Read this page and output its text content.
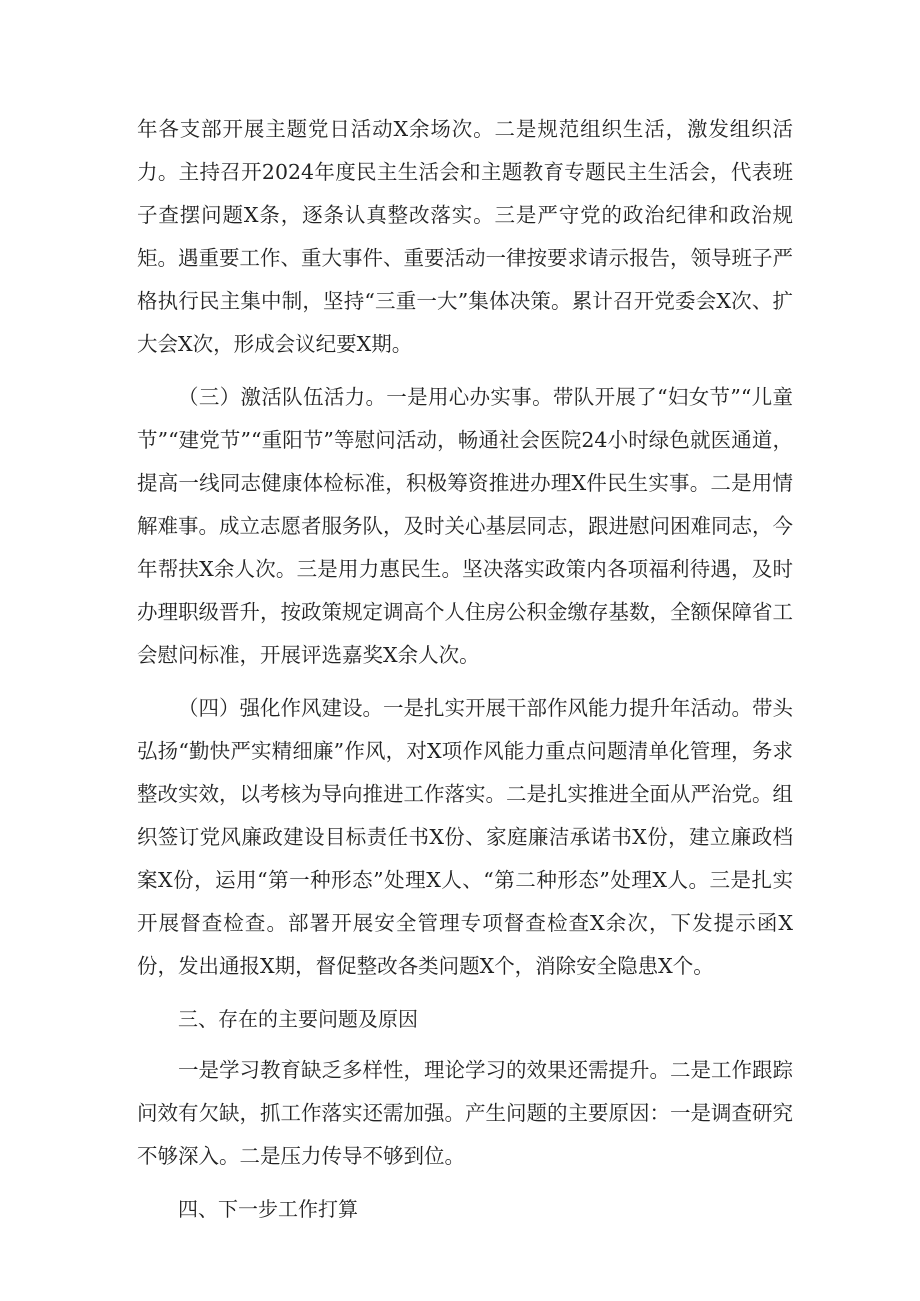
年各支部开展主题党日活动X余场次。二是规范组织生活，激发组织活力。主持召开2024年度民主生活会和主题教育专题民主生活会，代表班子查摆问题X条，逐条认真整改落实。三是严守党的政治纪律和政治规矩。遇重要工作、重大事件、重要活动一律按要求请示报告，领导班子严格执行民主集中制，坚持“三重一大”集体决策。累计召开党委会X次、扩大会X次，形成会议纪要X期。

（三）激活队伍活力。一是用心办实事。带队开展了“妇女节”“儿童节”“建党节”“重阳节”等慰问活动，畅通社会医院24小时绿色就医通道，提高一线同志健康体检标准，积极筹资推进办理X件民生实事。二是用情解难事。成立志愿者服务队，及时关心基层同志，跟进慰问困难同志，今年帮扶X余人次。三是用力惠民生。坚决落实政策内各项福利待遇，及时办理职级晋升，按政策规定调高个人住房公积金缴存基数，全额保障省工会慰问标准，开展评选嘉奖X余人次。

（四）强化作风建设。一是扎实开展干部作风能力提升年活动。带头弘扬“勤快严实精细廉”作风，对X项作风能力重点问题清单化管理，务求整改实效，以考核为导向推进工作落实。二是扎实推进全面从严治党。组织签订党风廉政建设目标责任书X份、家庭廉洁承诺书X份，建立廉政档案X份，运用“第一种形态”处理X人、“第二种形态”处理X人。三是扎实开展督查检查。部署开展安全管理专项督查检查X余次，下发提示函X份，发出通报X期，督促整改各类问题X个，消除安全隐患X个。

三、存在的主要问题及原因

一是学习教育缺乏多样性，理论学习的效果还需提升。二是工作跟踪问效有欠缺，抓工作落实还需加强。产生问题的主要原因：一是调查研究不够深入。二是压力传导不够到位。

四、下一步工作打算
